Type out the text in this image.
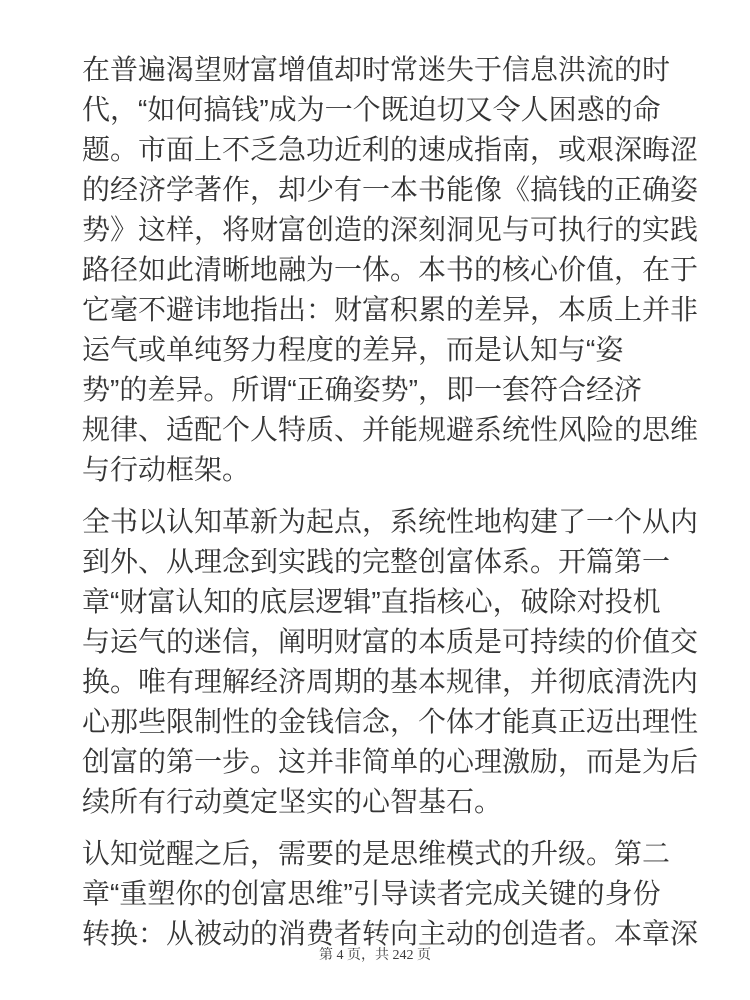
在普遍渴望财富增值却时常迷失于信息洪流的时
代，“如何搞钱”成为一个既迫切又令人困惑的命
题。市面上不乏急功近利的速成指南，或艰深晦涩
的经济学著作，却少有一本书能像《搞钱的正确姿
势》这样，将财富创造的深刻洞见与可执行的实践
路径如此清晰地融为一体。本书的核心价值，在于
它毫不避讳地指出：财富积累的差异，本质上并非
运气或单纯努力程度的差异，而是认知与“姿
势”的差异。所谓“正确姿势”，即一套符合经济
规律、适配个人特质、并能规避系统性风险的思维
与行动框架。
全书以认知革新为起点，系统性地构建了一个从内
到外、从理念到实践的完整创富体系。开篇第一
章“财富认知的底层逻辑”直指核心，破除对投机
与运气的迷信，阐明财富的本质是可持续的价值交
换。唯有理解经济周期的基本规律，并彻底清洗内
心那些限制性的金钱信念，个体才能真正迈出理性
创富的第一步。这并非简单的心理激励，而是为后
续所有行动奠定坚实的心智基石。
认知觉醒之后，需要的是思维模式的升级。第二
章“重塑你的创富思维”引导读者完成关键的身份
转换：从被动的消费者转向主动的创造者。本章深
第 4 页，共 242 页
